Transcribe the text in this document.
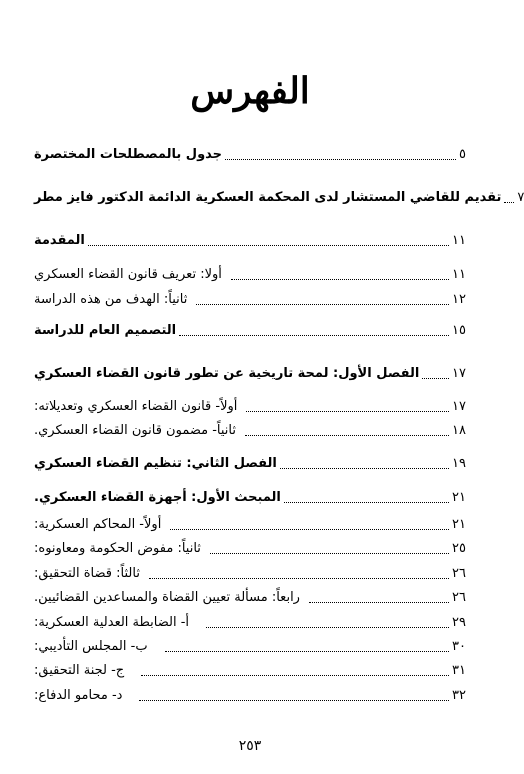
الفهرس
جدول بالمصطلحات المختصرة	٥
تقديم للقاضي المستشار لدى المحكمة العسكرية الدائمة الدكتور فايز مطر ٧
المقدمة	١١
أولا: تعريف قانون القضاء العسكري	١١
ثانياً: الهدف من هذه الدراسة	١٢
التصميم العام للدراسة	١٥
الفصل الأول: لمحة تاريخية عن تطور قانون القضاء العسكري	١٧
أولاً- قانون القضاء العسكري وتعديلاته:	١٧
ثانياً- مضمون قانون القضاء العسكري.	١٨
الفصل الثاني: تنظيم القضاء العسكري	١٩
المبحث الأول: أجهزة القضاء العسكري.	٢١
أولاً- المحاكم العسكرية:	٢١
ثانياً: مفوض الحكومة ومعاونوه:	٢٥
ثالثاً: قضاة التحقيق:	٢٦
رابعاً: مسألة تعيين القضاة والمساعدين القضائيين.	٢٦
أ- الضابطة العدلية العسكرية:	٢٩
ب- المجلس التأديبي:	٣٠
ج- لجنة التحقيق:	٣١
د- محامو الدفاع:	٣٢
٢٥٣
